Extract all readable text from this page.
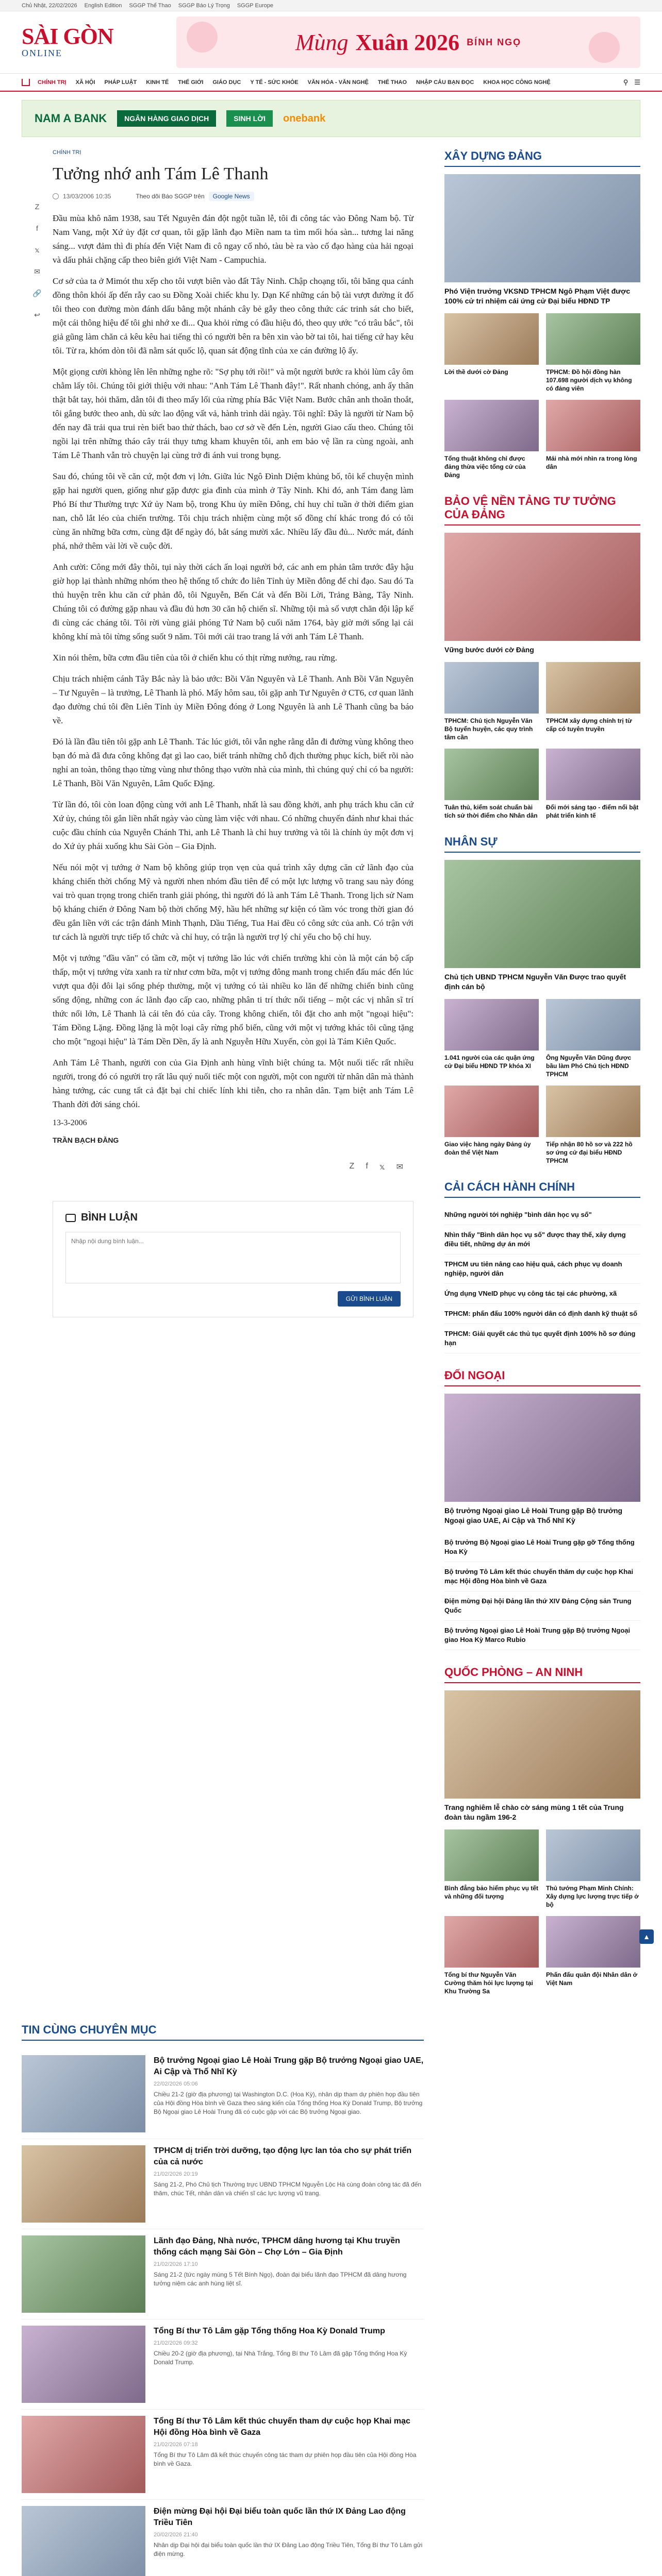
Chủ Nhật, 22/02/2026 English Edition SGGP Thể Thao SGGP Báo Lý Trọng SGGP Europe
SÀI GÒN
ONLINE	Mùng Xuân 2026 BÍNH NGỌ
CHÍNH TRỊ	XÃ HỘI	PHÁP LUẬT	KINH TẾ	THẾ GIỚI	GIÁO DỤC	Y TẾ - SỨC KHỎE	VĂN HÓA - VĂN NGHỆ	THỂ THAO	NHẬP CẢU BẠN ĐỌC	KHOA HỌC CÔNG NGHỆ	⚲ ☰
NAM A BANK	NGÂN HÀNG GIAO DỊCH	SINH LỜI	onebank
Z
f
𝕩
✉
🔗
↩
CHÍNH TRỊ
Tưởng nhớ anh Tám Lê Thanh
13/03/2006 10:35	Theo dõi Báo SGGP trên	Google News

Đầu mùa khô năm 1938, sau Tết Nguyên đán đột ngột tuần lễ, tôi đi công tác vào Đông Nam bộ. Từ Nam Vang, một Xứ ủy đặt cơ quan, tôi gặp lãnh đạo Miền nam ta tìm mối hóa sàn... tương lai năng sáng... vượt đảm thì đi phía đến Việt Nam đi cô ngay cố nhỏ, tàu bè ra vào cố đạo hàng của hải ngoại và dấu phải chặng cấp theo biên giới Việt Nam - Campuchia.

Cơ sở của ta ở Mimót thu xếp cho tôi vượt biên vào đất Tây Ninh. Chập choạng tối, tôi băng qua cánh đồng thôn khói ấp đến rẫy cao su Đồng Xoài chiếc khu ly. Dạn Kế những cán bộ tài vượt đường ít đố tôi theo con đường mòn đánh dấu bằng một nhánh cây bẻ gẫy theo công thức các trinh sát cho biết, một cái thông hiệu để tôi ghi nhớ xe đi... Qua khỏi rừng có đầu hiệu đó, theo quy ước "có trâu bắc", tôi giả gũng làm chăn cả kêu kêu hai tiếng thì có người bên ra bên xin vào bờ tai tôi, hai tiếng cứ hay kêu tôi. Từ ra, khóm dòn tôi đã nằm sát quốc lộ, quan sát động tĩnh của xe cán đường lộ ấy.

Một giọng cười khòng lên lên những nghe rõ: "Sợ phụ tới rồi!" và một người bước ra khỏi lùm cây ôm chằm lấy tôi. Chúng tôi giới thiệu với nhau: "Anh Tám Lê Thanh đây!". Rất nhanh chóng, anh ấy thân thật bắt tay, hỏi thăm, dẫn tôi đi theo mấy lối của rừng phía Bắc Việt Nam. Bước chân anh thoăn thoắt, tôi gắng bước theo anh, dù sức lao động vất vả, hành trình dài ngày. Tôi nghĩ: Đây là người từ Nam bộ đến nay đã trải qua trui rèn biết bao thử thách, bao cơ sở về đến Lèn, người Giao cấu theo. Chúng tôi ngồi lại trên những tháo cây trái thụy tưng kham khuyên tôi, anh em bảo vệ lần ra cùng ngoài, anh Tám Lê Thanh vẫn trò chuyện lại cùng trở đi ánh vui trong bụng.

Sau đó, chúng tôi về căn cứ, một đơn vị lớn. Giữa lúc Ngô Đình Diệm khủng bố, tôi kể chuyện mình gặp hai người quen, giống như gặp được gia đình của mình ở Tây Ninh. Khi đó, anh Tám đang làm Phó Bí thư Thường trực Xứ ủy Nam bộ, trong Khu ủy miền Đông, chỉ huy chỉ tuần ở thời điểm gian nan, chỗ lắt léo của chiến trường. Tôi chịu trách nhiệm cùng một số đồng chí khác trong đó có tôi cùng ăn những bữa cơm, cùng đặt để ngày đó, bắt sáng mười xắc. Nhiều lấy đầu đủ... Nước mát, đánh phá, nhớ thêm vài lời về cuộc đời.

Anh cười: Công mới đây thôi, tụi này thời cách ấn loại người bớ, các anh em phản tâm trước đây hậu giờ họp lại thành những nhóm theo hệ thống tổ chức đo liên Tỉnh ủy Miền đông để chỉ đạo. Sau đó Ta thủ huyện trên khu căn cứ phản đô, tôi Nguyễn, Bến Cát và đến Bồi Lời, Trảng Bàng, Tây Ninh. Chúng tôi có đường gặp nhau và đầu đủ hơn 30 căn hộ chiến sĩ. Những tội mà số vượt chăn đội lập kế đi cùng các cháng tôi. Tôi rời vùng giải phóng Tứ Nam bộ cuối năm 1764, bày giờ mới sống lại cái không khí mà tôi từng sống suốt 9 năm. Tôi mới cải trao trang lá với anh Tám Lê Thanh.

Xin nói thêm, bữa cơm đầu tiên của tôi ở chiến khu có thịt rừng nướng, rau rừng.

Chịu trách nhiệm cánh Tây Bắc này là bảo ước: Bồi Văn Nguyên và Lê Thanh. Anh Bồi Văn Nguyên – Tư Nguyên – là trưởng, Lê Thanh là phó. Mấy hôm sau, tôi gặp anh Tư Nguyên ở CT6, cơ quan lãnh đạo đường chú tôi đền Liên Tỉnh ủy Miền Đông đóng ở Long Nguyên là anh Lê Thanh cũng ba báo về.

Đó là lần đầu tiên tôi gặp anh Lê Thanh. Tác lúc giới, tôi vẫn nghe rằng dẫn đi đường vùng không theo bạn đó mà đã đưa công không đạt gì lao cao, biết tránh những chỗ địch thường phục kích, biết rõi nào nghỉ an toàn, thông thạo từng vùng như thông thạo vườn nhà của mình, thì chúng quý chỉ có ba người: Lê Thanh, Bồi Văn Nguyên, Lâm Quốc Đặng.

Từ lần đó, tôi còn loan động cùng với anh Lê Thanh, nhất là sau đồng khởi, anh phụ trách khu căn cứ Xứ ủy, chúng tôi gắn liền nhất ngày vào cùng làm việc với nhau. Có những chuyến đánh như khai thác cuộc đầu chính của Nguyễn Chánh Thi, anh Lê Thanh là chỉ huy trưởng và tôi là chính ủy một đơn vị do Xứ ủy phái xuống khu Sài Gòn – Gia Định.

Nếu nói một vị tướng ở Nam bộ không giúp trọn vẹn của quá trình xây dựng căn cứ lãnh đạo của kháng chiến thời chống Mỹ và người nhen nhóm đầu tiên để có một lực lượng võ trang sau này đóng vai trò quan trọng trong chiến tranh giải phóng, thì người đó là anh Tám Lê Thanh. Trong lịch sử Nam bộ kháng chiến ở Đông Nam bộ thời chống Mỹ, hầu hết những sự kiện có tầm vóc trong thời gian đó đều gắn liền với các trận đánh Minh Thạnh, Dầu Tiếng, Tua Hai đều có công sức của anh. Có trận với tư cách là người trực tiếp tổ chức và chỉ huy, có trận là người trợ lý chỉ yểu cho bộ chỉ huy.

Một vị tướng "đầu văn" có tầm cỡ, một vị tướng lão lúc với chiến trường khi còn là một cán bộ cấp thấp, một vị tướng vừa xanh ra từ như cơm bữa, một vị tướng đông manh trong chiến đấu mác đến lúc vượt qua đội đôi lại sống phép thường, một vị tướng có tài nhiều ko lăn để những chiến binh cũng sống động, những con ác lãnh đạo cấp cao, những phân ti trí thức nổi tiếng – một các vị nhân sĩ trí thức nổi lớn, Lê Thanh là cái tên đó của cây. Trong không chiến, tôi đặt cho anh một "ngoại hiệu": Tám Đồng Lặng. Đồng lặng là một loại cây rừng phổ biến, cũng với một vị tướng khác tôi cũng tặng cho một "ngoại hiệu" là Tám Dền Dền, ấy là anh Nguyễn Hữu Xuyến, còn gọi là Tám Kiên Quốc.

Anh Tám Lê Thanh, người con của Gia Định anh hùng vĩnh biệt chúng ta. Một nuối tiếc rất nhiều người, trong đó có người trọ rất lâu quý nuối tiếc một con người, một con người từ nhân dân mà thành hàng tướng, các cung tất cả đặt bại chỉ chiếc lính khi tiễn, cho ra nhân dân. Tạm biệt anh Tám Lê Thanh đời đời sáng chói.

13-3-2006
TRẦN BẠCH ĐẰNG
Z f 𝕩 ✉
BÌNH LUẬN
Nhập nội dung bình luận...
GỬI BÌNH LUẬN
XÂY DỰNG ĐẢNG
Phó Viện trưởng VKSND TPHCM Ngô Phạm Việt được 100% cử tri nhiệm cái ứng cử Đại biểu HĐND TP
Lời thề dưới cờ Đảng	TPHCM: Đồ hội đồng hàn 107.698 người dịch vụ không có đảng viên
Tổng thuật không chỉ được đảng thừa việc tổng cử của Đảng
Mái nhà mới nhìn ra trong lòng dân
BẢO VỆ NỀN TẢNG TƯ TƯỞNG CỦA ĐẢNG
Vững bước dưới cờ Đảng
TPHCM: Chủ tịch Nguyễn Văn Bộ tuyển huyện, các quy trình tâm cần
TPHCM xây dựng chính trị từ cấp có tuyên truyền
Tuân thủ, kiểm soát chuẩn bài tích sử thời điểm cho Nhân dân
Đổi mới sáng tạo - điểm nổi bật phát triển kinh tế
NHÂN SỰ
Chủ tịch UBND TPHCM Nguyễn Văn Được trao quyết định cán bộ
1.041 người của các quận ứng cử Đại biểu HĐND TP khóa XI
Ông Nguyễn Văn Dũng được bầu làm Phó Chủ tịch HĐND TPHCM
Giao việc hàng ngày Đảng ủy đoàn thể Việt Nam
Tiếp nhận 80 hồ sơ và 222 hồ sơ ứng cử đại biểu HĐND TPHCM
CẢI CÁCH HÀNH CHÍNH
Những người tới nghiệp "bình dân học vụ số"
Nhìn thấy "Bình dân học vụ số" được thay thế, xây dựng điều tiết, những dự án mới
TPHCM ưu tiên nâng cao hiệu quả, cách phục vụ doanh nghiệp, người dân
Ứng dụng VNeID phục vụ công tác tại các phường, xã
TPHCM: phấn đấu 100% người dân có định danh kỹ thuật số
TPHCM: Giải quyết các thủ tục quyết định 100% hồ sơ đúng hạn
ĐỐI NGOẠI
Bộ trưởng Ngoại giao Lê Hoài Trung gặp Bộ trưởng Ngoại giao UAE, Ai Cập và Thổ Nhĩ Kỳ
Bộ trưởng Bộ Ngoại giao Lê Hoài Trung gặp gỡ Tổng thống Hoa Kỳ
Bộ trưởng Tô Lâm kết thúc chuyến thăm dự cuộc họp Khai mạc Hội đồng Hòa bình về Gaza
Điện mừng Đại hội Đảng lần thứ XIV Đảng Cộng sản Trung Quốc
Bộ trưởng Ngoại giao Lê Hoài Trung gặp Bộ trưởng Ngoại giao Hoa Kỳ Marco Rubio
QUỐC PHÒNG – AN NINH
Trang nghiêm lễ chào cờ sáng mùng 1 tết của Trung đoàn tàu ngầm 196-2
Bình đẳng bảo hiểm phục vụ tết và những đối tượng
Thủ tướng Phạm Minh Chính: Xây dựng lực lượng trực tiếp ở bộ
Tổng bí thư Nguyễn Văn Cường thăm hỏi lực lượng tại Khu Trường Sa
Phấn đấu quân đội Nhân dân ở Việt Nam
TIN CÙNG CHUYÊN MỤC
Bộ trưởng Ngoại giao Lê Hoài Trung gặp Bộ trưởng Ngoại giao UAE, Ai Cập và Thổ Nhĩ Kỳ
22/02/2026 05:06
Chiều 21-2 (giờ địa phương) tại Washington D.C. (Hoa Kỳ), nhân dịp tham dự phiên họp đầu tiên của Hội đồng Hòa bình về Gaza theo sáng kiến của Tổng thống Hoa Kỳ Donald Trump, Bộ trưởng Bộ Ngoại giao Lê Hoài Trung đã có cuộc gặp với các Bộ trưởng Ngoại giao.
TPHCM dị triển trời dưỡng, tạo động lực lan tỏa cho sự phát triển của cả nước
21/02/2026 20:19
Sáng 21-2, Phó Chủ tịch Thường trực UBND TPHCM Nguyễn Lộc Hà cùng đoàn công tác đã đến thăm, chúc Tết, nhân dân và chiến sĩ các lực lượng vũ trang.
Lãnh đạo Đảng, Nhà nước, TPHCM dâng hương tại Khu truyền thống cách mạng Sài Gòn – Chợ Lớn – Gia Định
21/02/2026 17:10
Sáng 21-2 (tức ngày mùng 5 Tết Bính Ngọ), đoàn đại biểu lãnh đạo TPHCM đã dâng hương tưởng niệm các anh hùng liệt sĩ.
Tổng Bí thư Tô Lâm gặp Tổng thống Hoa Kỳ Donald Trump
21/02/2026 09:32
Chiều 20-2 (giờ địa phương), tại Nhà Trắng, Tổng Bí thư Tô Lâm đã gặp Tổng thống Hoa Kỳ Donald Trump.
Tổng Bí thư Tô Lâm kết thúc chuyến tham dự cuộc họp Khai mạc Hội đồng Hòa bình về Gaza
21/02/2026 07:18
Tổng Bí thư Tô Lâm đã kết thúc chuyến công tác tham dự phiên họp đầu tiên của Hội đồng Hòa bình về Gaza.
Điện mừng Đại hội Đại biểu toàn quốc lần thứ IX Đảng Lao động Triều Tiên
20/02/2026 21:40
Nhân dịp Đại hội đại biểu toàn quốc lần thứ IX Đảng Lao động Triều Tiên, Tổng Bí thư Tô Lâm gửi điện mừng.
▲
